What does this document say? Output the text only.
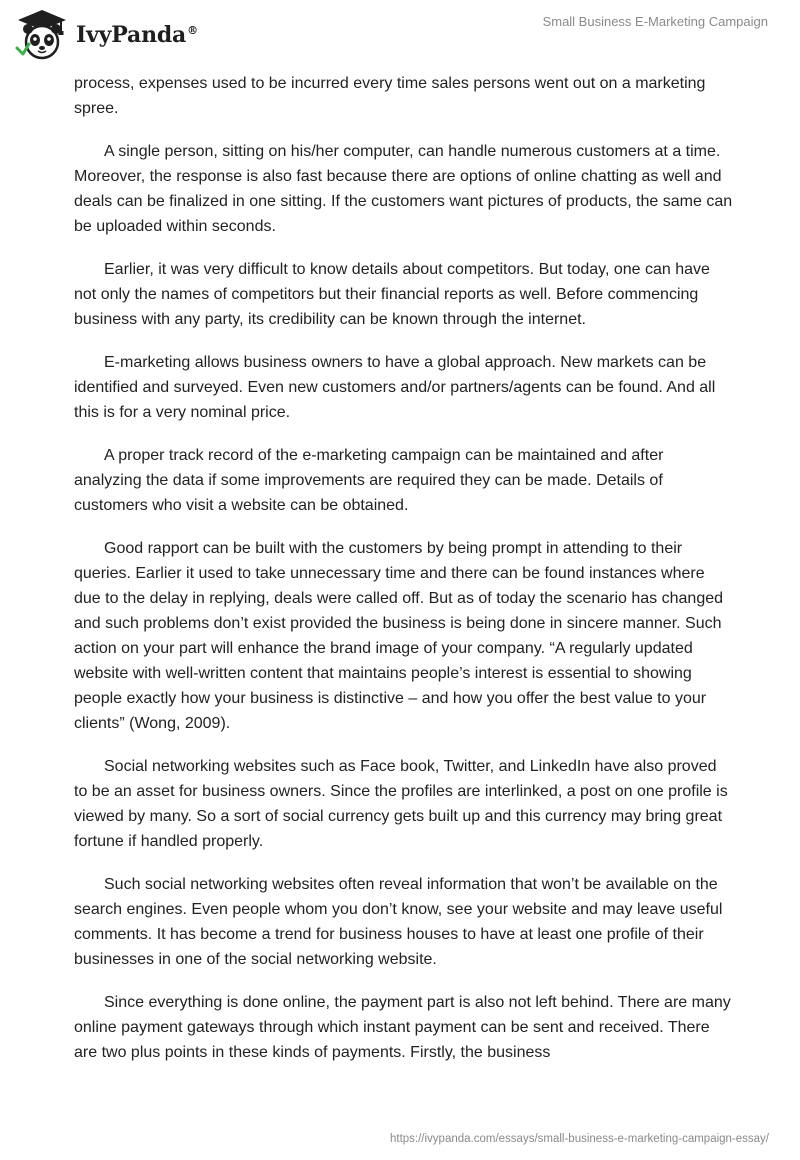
IvyPanda®
Small Business E-Marketing Campaign

process, expenses used to be incurred every time sales persons went out on a marketing spree.

A single person, sitting on his/her computer, can handle numerous customers at a time. Moreover, the response is also fast because there are options of online chatting as well and deals can be finalized in one sitting. If the customers want pictures of products, the same can be uploaded within seconds.

Earlier, it was very difficult to know details about competitors. But today, one can have not only the names of competitors but their financial reports as well. Before commencing business with any party, its credibility can be known through the internet.

E-marketing allows business owners to have a global approach. New markets can be identified and surveyed. Even new customers and/or partners/agents can be found. And all this is for a very nominal price.

A proper track record of the e-marketing campaign can be maintained and after analyzing the data if some improvements are required they can be made. Details of customers who visit a website can be obtained.

Good rapport can be built with the customers by being prompt in attending to their queries. Earlier it used to take unnecessary time and there can be found instances where due to the delay in replying, deals were called off. But as of today the scenario has changed and such problems don’t exist provided the business is being done in sincere manner. Such action on your part will enhance the brand image of your company. “A regularly updated website with well-written content that maintains people’s interest is essential to showing people exactly how your business is distinctive – and how you offer the best value to your clients” (Wong, 2009).

Social networking websites such as Face book, Twitter, and LinkedIn have also proved to be an asset for business owners. Since the profiles are interlinked, a post on one profile is viewed by many. So a sort of social currency gets built up and this currency may bring great fortune if handled properly.

Such social networking websites often reveal information that won’t be available on the search engines. Even people whom you don’t know, see your website and may leave useful comments. It has become a trend for business houses to have at least one profile of their businesses in one of the social networking website.

Since everything is done online, the payment part is also not left behind. There are many online payment gateways through which instant payment can be sent and received. There are two plus points in these kinds of payments. Firstly, the business

https://ivypanda.com/essays/small-business-e-marketing-campaign-essay/
